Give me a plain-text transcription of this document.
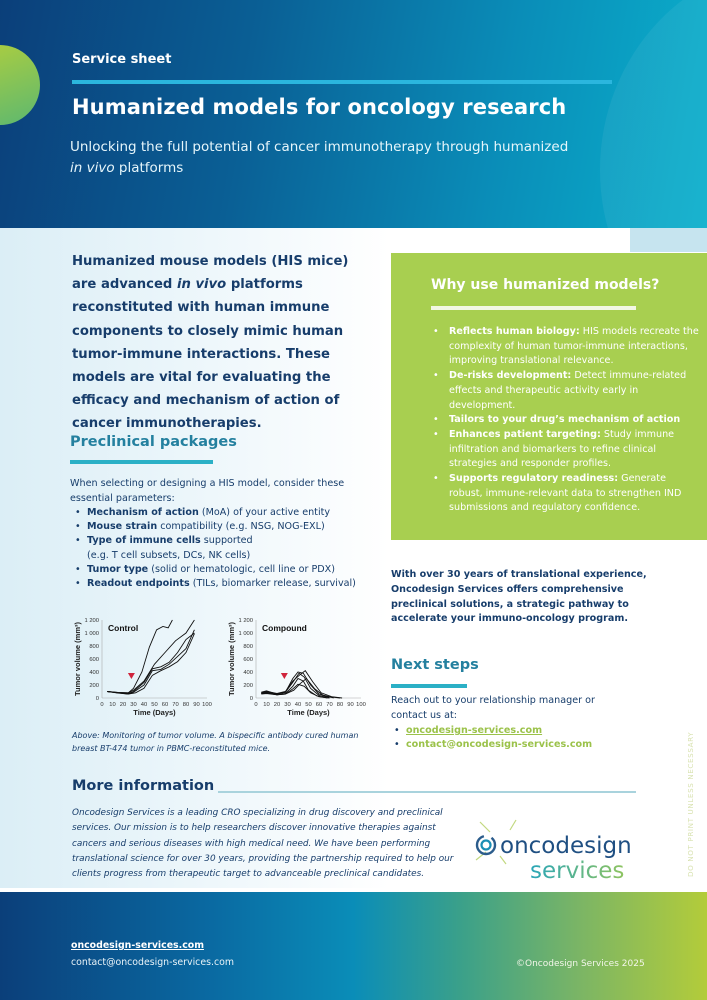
Service sheet
Humanized models for oncology research
Unlocking the full potential of cancer immunotherapy through humanized
in vivo platforms
Humanized mouse models (HIS mice) are advanced in vivo platforms reconstituted with human immune components to closely mimic human tumor-immune interactions. These models are vital for evaluating the efficacy and mechanism of action of cancer immunotherapies.
Preclinical packages
When selecting or designing a HIS model, consider these essential parameters:
• Mechanism of action (MoA) of your active entity
• Mouse strain compatibility (e.g. NSG, NOG-EXL)
• Type of immune cells supported
(e.g. T cell subsets, DCs, NK cells)
• Tumor type (solid or hematologic, cell line or PDX)
• Readout endpoints (TILs, biomarker release, survival)
0
200
400
600
800
1 000
1 200
0 10 20 30 40 50 60 70 80 90 100
Time (Days)
Tumor volume (mm³)	Control
0
200
400
600
800
1 000
1 200
0 10 20 30 40 50 60 70 80 90 100
Time (Days)
Tumor volume (mm³)	Compound
Above: Monitoring of tumor volume. A bispecific antibody cured human breast BT-474 tumor in PBMC-reconstituted mice.
Why use humanized models?
• Reflects human biology: HIS models recreate the complexity of human tumor-immune interactions, improving translational relevance.
• De-risks development: Detect immune-related effects and therapeutic activity early in development.
• Tailors to your drug’s mechanism of action
• Enhances patient targeting: Study immune infiltration and biomarkers to refine clinical strategies and responder profiles.
• Supports regulatory readiness: Generate robust, immune-relevant data to strengthen IND submissions and regulatory confidence.
With over 30 years of translational experience, Oncodesign Services offers comprehensive preclinical solutions, a strategic pathway to accelerate your immuno-oncology program.
Next steps
Reach out to your relationship manager or contact us at:
• oncodesign-services.com
• contact@oncodesign-services.com
More information
Oncodesign Services is a leading CRO specializing in drug discovery and preclinical services. Our mission is to help researchers discover innovative therapies against cancers and serious diseases with high medical need. We have been performing translational science for over 30 years, providing the partnership required to help our clients progress from therapeutic target to advanceable preclinical candidates.
oncodesign
services	DO NOT PRINT UNLESS NECESSARY
oncodesign-services.com
contact@oncodesign-services.com	©Oncodesign Services 2025
